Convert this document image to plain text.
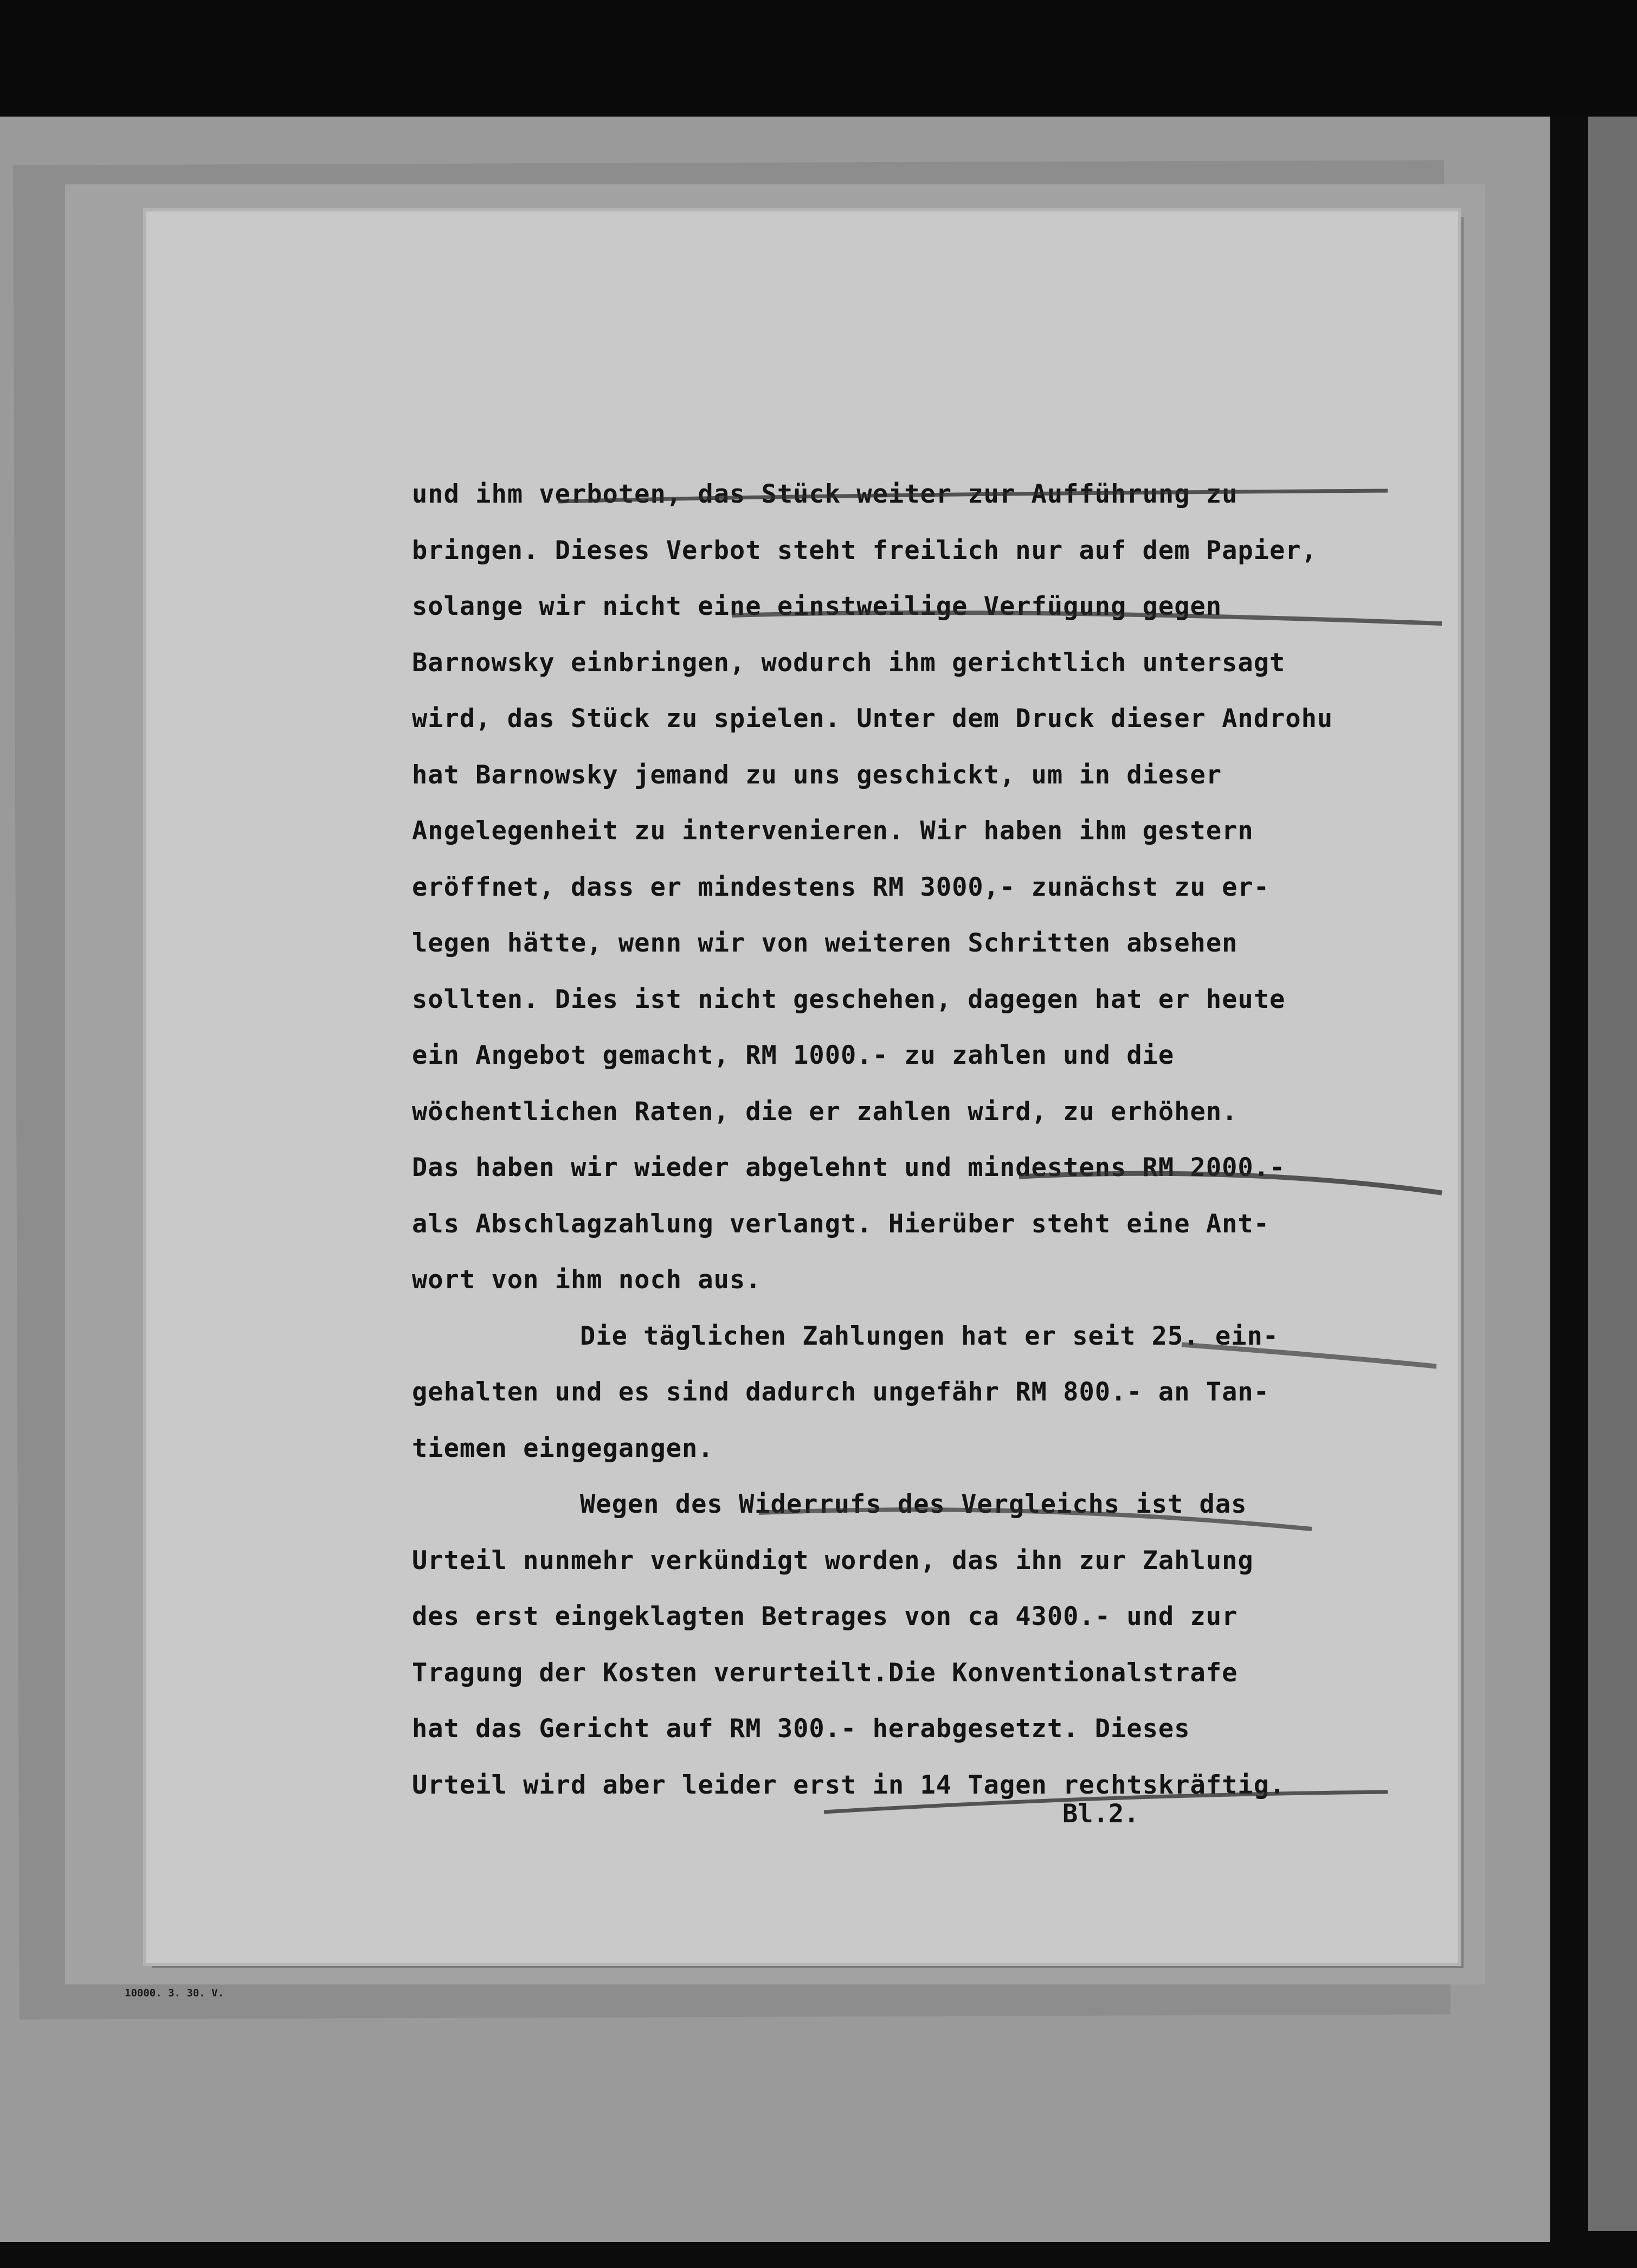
und ihm verboten, das Stück weiter zur Aufführung zu
bringen. Dieses Verbot steht freilich nur auf dem Papier,
solange wir nicht eine einstweilige Verfügung gegen
Barnowsky einbringen, wodurch ihm gerichtlich untersagt
wird, das Stück zu spielen. Unter dem Druck dieser Androhu
hat Barnowsky jemand zu uns geschickt, um in dieser
Angelegenheit zu intervenieren. Wir haben ihm gestern
eröffnet, dass er mindestens RM 3000,- zunächst zu er-
legen hätte, wenn wir von weiteren Schritten absehen
sollten. Dies ist nicht geschehen, dagegen hat er heute
ein Angebot gemacht, RM 1000.- zu zahlen und die
wöchentlichen Raten, die er zahlen wird, zu erhöhen.
Das haben wir wieder abgelehnt und mindestens RM 2000.-
als Abschlagzahlung verlangt. Hierüber steht eine Ant-
wort von ihm noch aus.
Die täglichen Zahlungen hat er seit 25. ein-
gehalten und es sind dadurch ungefähr RM 800.- an Tan-
tiemen eingegangen.
Wegen des Widerrufs des Vergleichs ist das
Urteil nunmehr verkündigt worden, das ihn zur Zahlung
des erst eingeklagten Betrages von ca 4300.- und zur
Tragung der Kosten verurteilt.Die Konventionalstrafe
hat das Gericht auf RM 300.- herabgesetzt. Dieses
Urteil wird aber leider erst in 14 Tagen rechtskräftig.
Bl.2.
10000. 3. 30. V.
